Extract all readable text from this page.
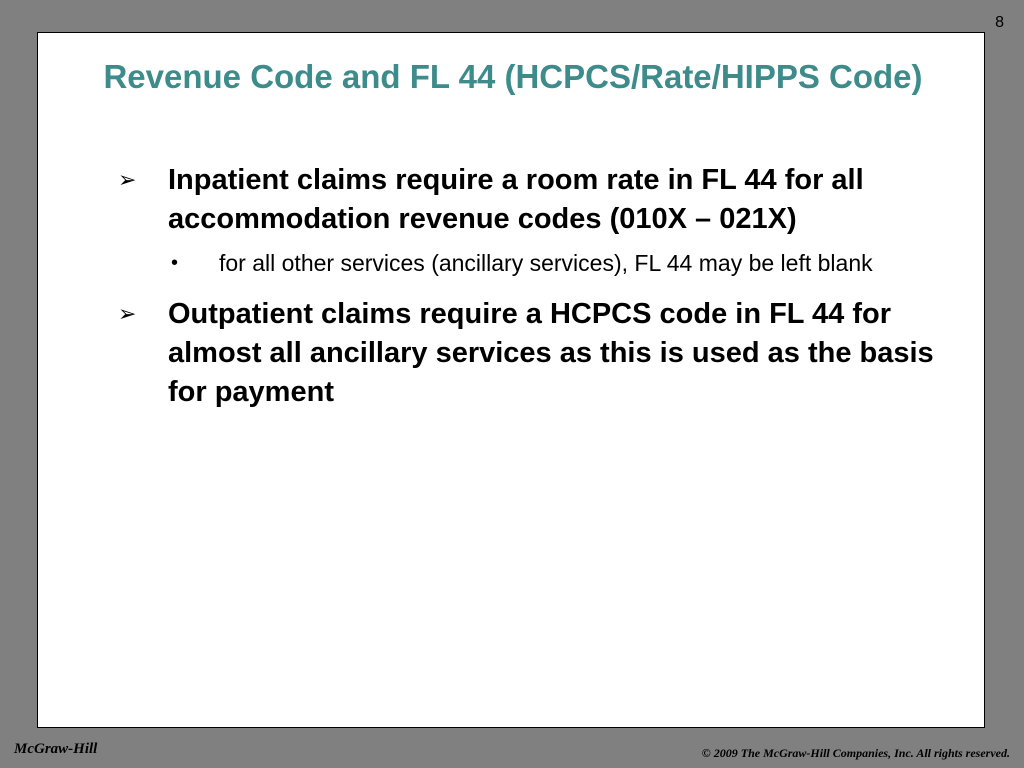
8
Revenue Code and FL 44 (HCPCS/Rate/HIPPS Code)
➢ Inpatient claims require a room rate in FL 44 for all accommodation revenue codes (010X – 021X)
• for all other services (ancillary services), FL 44 may be left blank
➢ Outpatient claims require a HCPCS code in FL 44 for almost all ancillary services as this is used as the basis for payment
McGraw-Hill	© 2009 The McGraw-Hill Companies, Inc. All rights reserved.
